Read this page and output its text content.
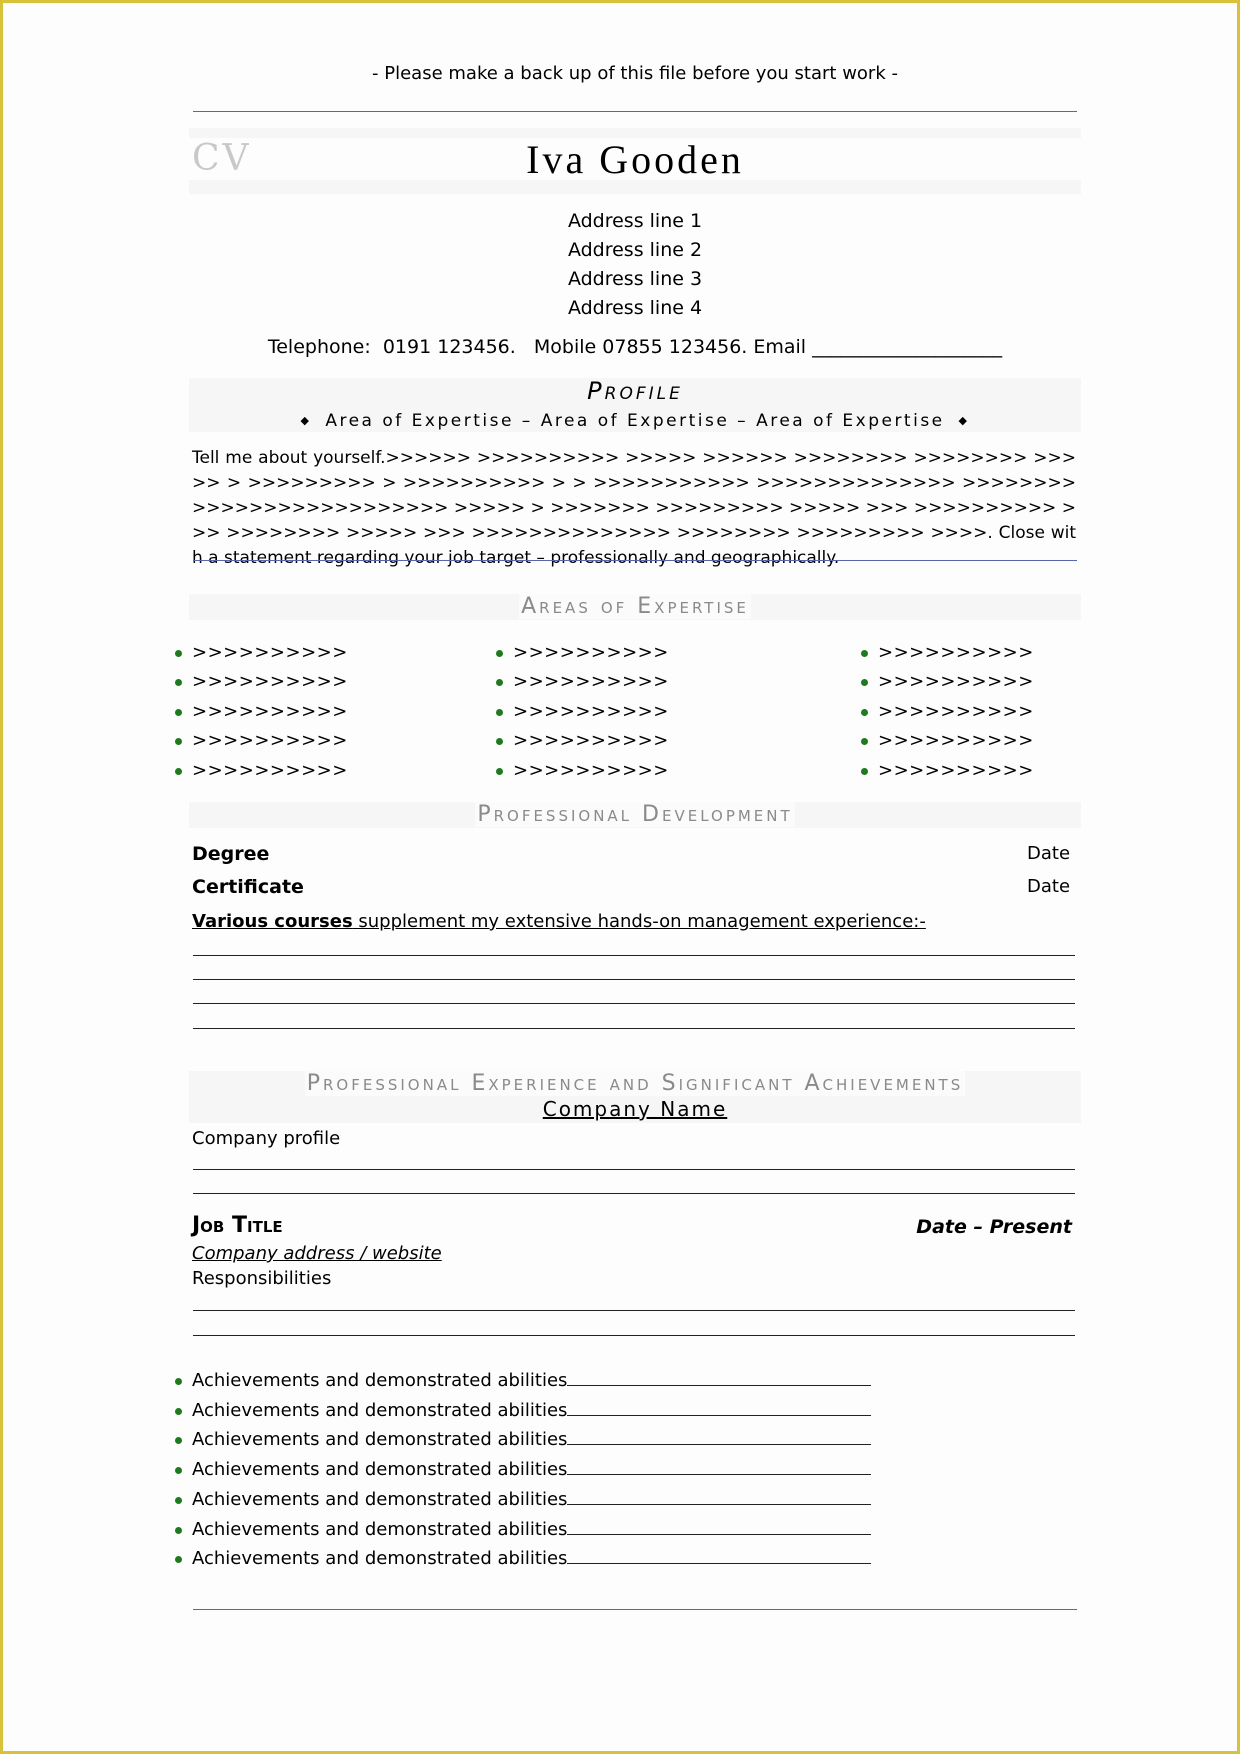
- Please make a back up of this file before you start work -
CV	Iva Gooden
Address line 1
Address line 2
Address line 3
Address line 4
Telephone:  0191 123456.   Mobile 07855 123456. Email ____________________
Profile
◆ Area of Expertise – Area of Expertise – Area of Expertise ◆
Tell me about yourself.>>>>>> >>>>>>>>>> >>>>> >>>>>> >>>>>>>> >>>>>>>> >>>>> > >>>>>>>>> > >>>>>>>>>> > > >>>>>>>>>>> >>>>>>>>>>>>>> >>>>>>>>>>>>>>>>>>>>>>>>>> >>>>> > >>>>>>> >>>>>>>>> >>>>> >>> >>>>>>>>>> >>> >>>>>>>> >>>>> >>> >>>>>>>>>>>>>> >>>>>>>> >>>>>>>>> >>>>. Close with a statement regarding your job target – professionally and geographically.
Areas of Expertise
>>>>>>>>>>
>>>>>>>>>>
>>>>>>>>>>
>>>>>>>>>>
>>>>>>>>>>
>>>>>>>>>>
>>>>>>>>>>
>>>>>>>>>>
>>>>>>>>>>
>>>>>>>>>>
>>>>>>>>>>
>>>>>>>>>>
>>>>>>>>>>
>>>>>>>>>>
>>>>>>>>>>
Professional Development
Degree	Date
Certificate	Date
Various courses supplement my extensive hands-on management experience:-
Professional Experience and Significant Achievements
Company Name
Company profile
Job Title	Date – Present
Company address / website
Responsibilities
Achievements and demonstrated abilities
Achievements and demonstrated abilities
Achievements and demonstrated abilities
Achievements and demonstrated abilities
Achievements and demonstrated abilities
Achievements and demonstrated abilities
Achievements and demonstrated abilities
